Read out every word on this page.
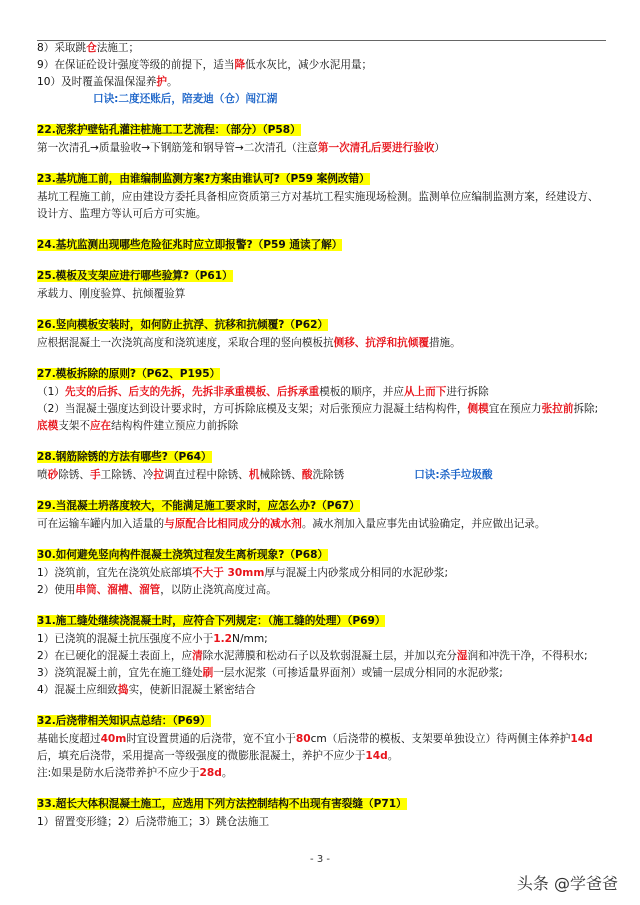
8）采取跳仓法施工；
9）在保证砼设计强度等级的前提下，适当降低水灰比，减少水泥用量；
10）及时覆盖保温保湿养护。
口诀:二度还账后，陪麦迪（仓）闯江湖
22.泥浆护壁钻孔灌注桩施工工艺流程：（部分）（P58）
第一次清孔→质量验收→下钢筋笼和钢导管→二次清孔（注意第一次清孔后要进行验收）
23.基坑施工前，由谁编制监测方案?方案由谁认可?（P59 案例改错）
基坑工程施工前，应由建设方委托具备相应资质第三方对基坑工程实施现场检测。监测单位应编制监测方案，经建设方、设计方、监理方等认可后方可实施。
24.基坑监测出现哪些危险征兆时应立即报警?（P59 通读了解）
25.模板及支架应进行哪些验算?（P61）
承载力、刚度验算、抗倾覆验算
26.竖向模板安装时，如何防止抗浮、抗移和抗倾覆?（P62）
应根据混凝土一次浇筑高度和浇筑速度，采取合理的竖向模板抗侧移、抗浮和抗倾覆措施。
27.模板拆除的原则?（P62、P195）
（1）先支的后拆、后支的先拆，先拆非承重模板、后拆承重模板的顺序，并应从上而下进行拆除
（2）当混凝土强度达到设计要求时，方可拆除底模及支架；对后张预应力混凝土结构构件，侧模宜在预应力张拉前拆除;底模支架不应在结构构件建立预应力前拆除
28.钢筋除锈的方法有哪些?（P64）
喷砂除锈、手工除锈、冷拉调直过程中除锈、机械除锈、酸洗除锈	口诀:杀手垃圾酸
29.当混凝土坍落度较大，不能满足施工要求时，应怎么办?（P67）
可在运输车罐内加入适量的与原配合比相同成分的减水剂。减水剂加入量应事先由试验确定，并应做出记录。
30.如何避免竖向构件混凝土浇筑过程发生离析现象?（P68）
1）浇筑前，宜先在浇筑处底部填不大于 30mm厚与混凝土内砂浆成分相同的水泥砂浆;
2）使用串筒、溜槽、溜管，以防止浇筑高度过高。
31.施工缝处继续浇混凝土时，应符合下列规定：（施工缝的处理）（P69）
1）已浇筑的混凝土抗压强度不应小于1.2N/mm;
2）在已硬化的混凝土表面上，应清除水泥薄膜和松动石子以及软弱混凝土层，并加以充分湿润和冲洗干净，不得积水;
3）浇筑混凝土前，宜先在施工缝处刷一层水泥浆（可掺适量界面剂）或铺一层成分相同的水泥砂浆;
4）混凝土应细致捣实，使新旧混凝土紧密结合
32.后浇带相关知识点总结：（P69）
基础长度超过40m时宜设置贯通的后浇带，宽不宜小于80cm（后浇带的模板、支架要单独设立）待两侧主体养护14d后，填充后浇带，采用提高一等级强度的微膨胀混凝土，养护不应少于14d。
注:如果是防水后浇带养护不应少于28d。
33.超长大体积混凝土施工，应选用下列方法控制结构不出现有害裂缝（P71）
1）留置变形缝；2）后浇带施工；3）跳仓法施工
- 3 -
头条 @学爸爸
